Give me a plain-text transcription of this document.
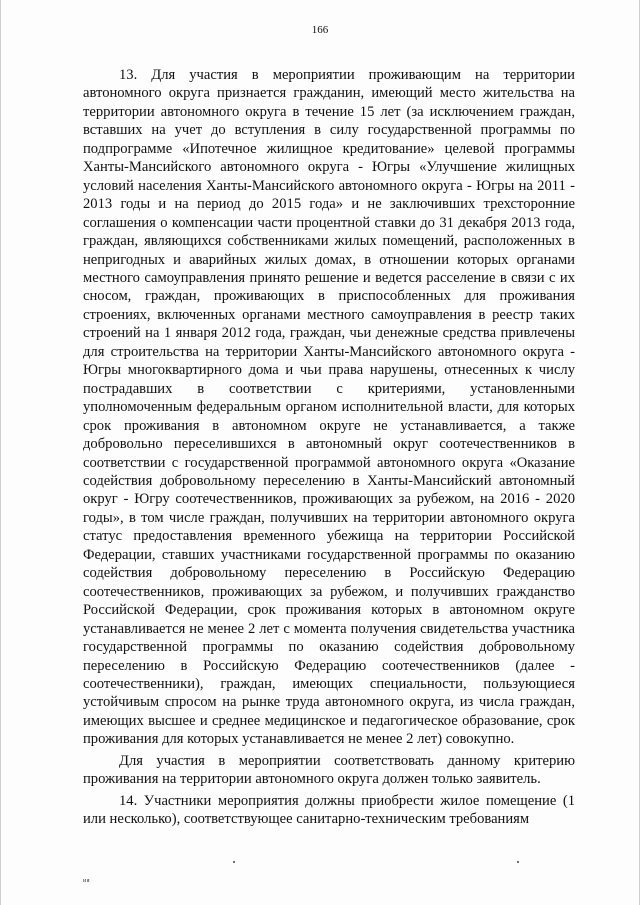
166

13. Для участия в мероприятии проживающим на территории автономного округа признается гражданин, имеющий место жительства на территории автономного округа в течение 15 лет (за исключением граждан, вставших на учет до вступления в силу государственной программы по подпрограмме «Ипотечное жилищное кредитование» целевой программы Ханты-Мансийского автономного округа - Югры «Улучшение жилищных условий населения Ханты-Мансийского автономного округа - Югры на 2011 - 2013 годы и на период до 2015 года» и не заключивших трехсторонние соглашения о компенсации части процентной ставки до 31 декабря 2013 года, граждан, являющихся собственниками жилых помещений, расположенных в непригодных и аварийных жилых домах, в отношении которых органами местного самоуправления принято решение и ведется расселение в связи с их сносом, граждан, проживающих в приспособленных для проживания строениях, включенных органами местного самоуправления в реестр таких строений на 1 января 2012 года, граждан, чьи денежные средства привлечены для строительства на территории Ханты-Мансийского автономного округа - Югры многоквартирного дома и чьи права нарушены, отнесенных к числу пострадавших в соответствии с критериями, установленными уполномоченным федеральным органом исполнительной власти, для которых срок проживания в автономном округе не устанавливается, а также добровольно переселившихся в автономный округ соотечественников в соответствии с государственной программой автономного округа «Оказание содействия добровольному переселению в Ханты-Мансийский автономный округ - Югру соотечественников, проживающих за рубежом, на 2016 - 2020 годы», в том числе граждан, получивших на территории автономного округа статус предоставления временного убежища на территории Российской Федерации, ставших участниками государственной программы по оказанию содействия добровольному переселению в Российскую Федерацию соотечественников, проживающих за рубежом, и получивших гражданство Российской Федерации, срок проживания которых в автономном округе устанавливается не менее 2 лет с момента получения свидетельства участника государственной программы по оказанию содействия добровольному переселению в Российскую Федерацию соотечественников (далее - соотечественники), граждан, имеющих специальности, пользующиеся устойчивым спросом на рынке труда автономного округа, из числа граждан, имеющих высшее и среднее медицинское и педагогическое образование, срок проживания для которых устанавливается не менее 2 лет) совокупно.

Для участия в мероприятии соответствовать данному критерию проживания на территории автономного округа должен только заявитель.

14. Участники мероприятия должны приобрести жилое помещение (1 или несколько), соответствующее санитарно-техническим требованиям

ия
